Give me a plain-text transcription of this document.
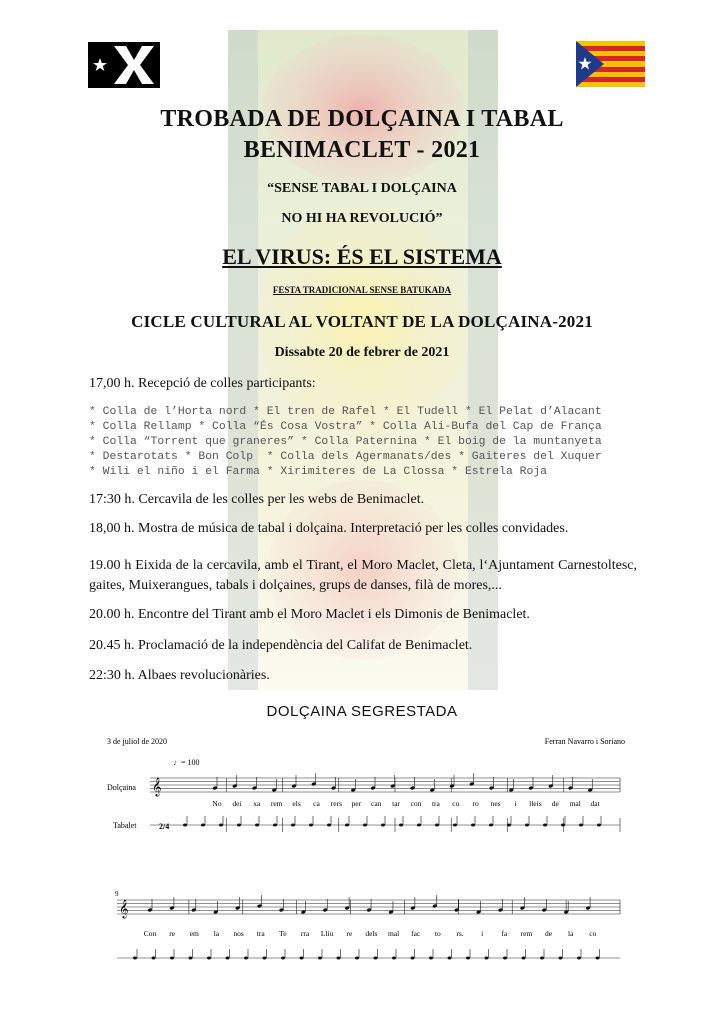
TROBADA DE DOLÇAINA I TABAL
BENIMACLET - 2021
“SENSE TABAL I DOLÇAINA
NO HI HA REVOLUCIÓ”
EL VIRUS: ÉS EL SISTEMA
FESTA TRADICIONAL SENSE BATUKADA
CICLE CULTURAL AL VOLTANT DE LA DOLÇAINA-2021
Dissabte 20 de febrer de 2021
17,00 h. Recepció de colles participants:
* Colla de l’Horta nord * El tren de Rafel * El Tudell * El Pelat d’Alacant
* Colla Rellamp * Colla “És Cosa Vostra” * Colla Ali-Bufa del Cap de França
* Colla “Torrent que graneres” * Colla Paternina * El boig de la muntanyeta
* Destarotats * Bon Colp  * Colla dels Agermanats/des * Gaiteres del Xuquer
* Wili el niño i el Farma * Xirimiteres de La Clossa * Estrela Roja
17:30 h. Cercavila de les colles per les webs de Benimaclet.
18,00 h. Mostra de música de tabal i dolçaina. Interpretació per les colles convidades.
19.00 h Eixida de la cercavila, amb el Tirant, el Moro Maclet, Cleta, l‘Ajuntament Carnestoltesc, gaites, Muixerangues, tabals i dolçaines, grups de danses, filà de mores,...
20.00 h. Encontre del Tirant amb el Moro Maclet i els Dimonis de Benimaclet.
20.45 h. Proclamació de la independència del Califat de Benimaclet.
22:30 h. Albaes revolucionàries.
DOLÇAINA SEGRESTADA
3 de juliol de 2020	Ferran Navarro i Soriano
♩= 100
Dolçaina
Tabalet
9
𝄞
2/4
𝄞
No dei xa rem els ca rers per can tar con tra co ro nes i lleis de mal dat
Con re em la nos tra Te rra Lliu re dels mal fac to rs. i fa rem de la co
